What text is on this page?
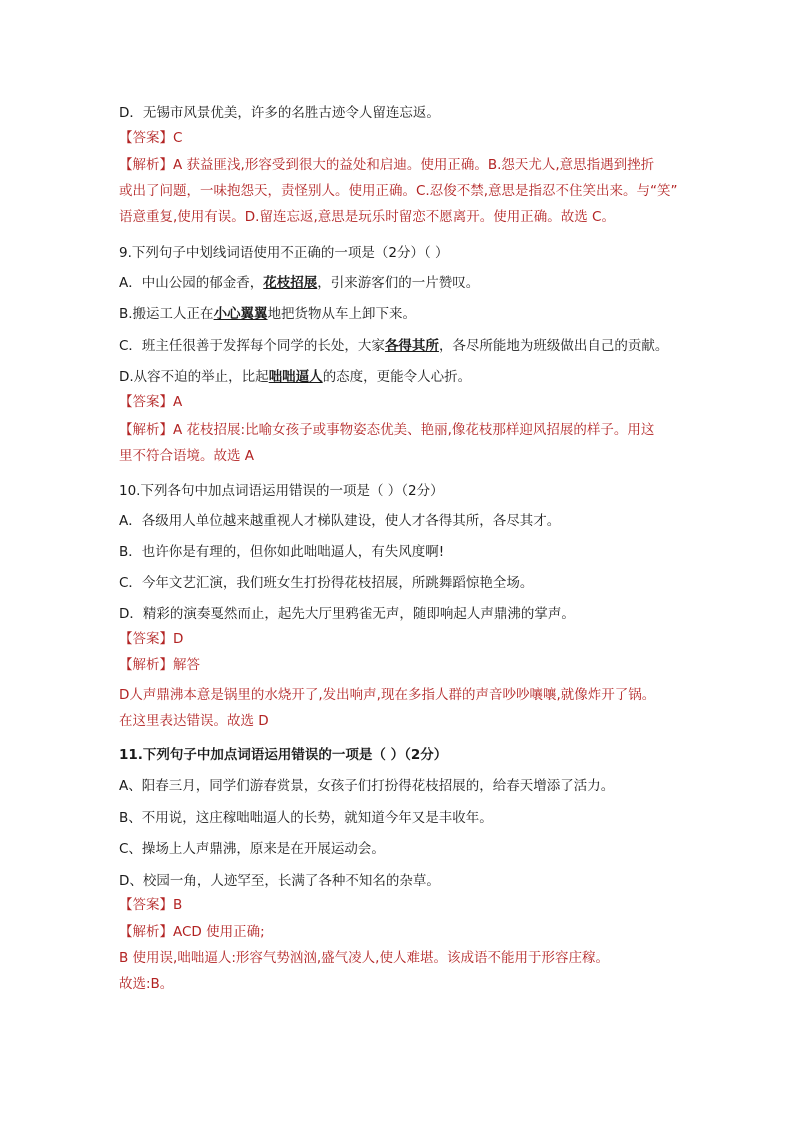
D．无锡市风景优美，许多的名胜古迹令人留连忘返。
【答案】C
【解析】A 获益匪浅,形容受到很大的益处和启迪。使用正确。B.怨天尤人,意思指遇到挫折
或出了问题，一味抱怨天，责怪别人。使用正确。C.忍俊不禁,意思是指忍不住笑出来。与“笑”
语意重复,使用有误。D.留连忘返,意思是玩乐时留恋不愿离开。使用正确。故选 C。
9.下列句子中划线词语使用不正确的一项是（2分）（ ）
A．中山公园的郁金香，花枝招展，引来游客们的一片赞叹。
B.搬运工人正在小心翼翼地把货物从车上卸下来。
C．班主任很善于发挥每个同学的长处，大家各得其所，各尽所能地为班级做出自己的贡献。
D.从容不迫的举止，比起咄咄逼人的态度，更能令人心折。
【答案】A
【解析】A 花枝招展:比喻女孩子或事物姿态优美、艳丽,像花枝那样迎风招展的样子。用这
里不符合语境。故选 A
10.下列各句中加点词语运用错误的一项是（ ）（2分）
A．各级用人单位越来越重视人才梯队建设，使人才各得其所，各尽其才。
B．也许你是有理的，但你如此咄咄逼人，有失风度啊!
C．今年文艺汇演，我们班女生打扮得花枝招展，所跳舞蹈惊艳全场。
D．精彩的演奏戛然而止，起先大厅里鸦雀无声，随即响起人声鼎沸的掌声。
【答案】D
【解析】解答
D人声鼎沸本意是锅里的水烧开了,发出响声,现在多指人群的声音吵吵嚷嚷,就像炸开了锅。
在这里表达错误。故选 D
11.下列句子中加点词语运用错误的一项是（ ）（2分）
A、阳春三月，同学们游春赏景，女孩子们打扮得花枝招展的，给春天增添了活力。
B、不用说，这庄稼咄咄逼人的长势，就知道今年又是丰收年。
C、操场上人声鼎沸，原来是在开展运动会。
D、校园一角，人迹罕至，长满了各种不知名的杂草。
【答案】B
【解析】ACD 使用正确;
B 使用误,咄咄逼人:形容气势汹汹,盛气凌人,使人难堪。该成语不能用于形容庄稼。
故选:B。
